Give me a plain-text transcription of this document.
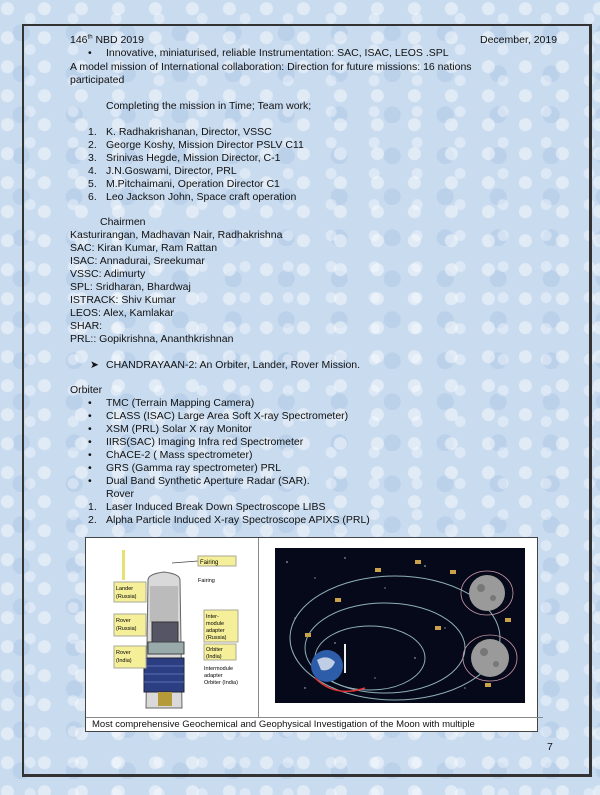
146th NBD 2019	December, 2019
• Innovative, miniaturised, reliable Instrumentation: SAC, ISAC, LEOS .SPL
A model mission of International collaboration: Direction for future missions: 16 nations
participated
Completing the mission in Time; Team work;
1. K. Radhakrishanan, Director, VSSC
2. George Koshy, Mission Director PSLV C11
3. Srinivas Hegde, Mission Director, C-1
4. J.N.Goswami, Director, PRL
5. M.Pitchaimani, Operation Director C1
6. Leo Jackson John, Space craft operation
Chairmen
Kasturirangan, Madhavan Nair, Radhakrishna
SAC: Kiran Kumar, Ram Rattan
ISAC: Annadurai, Sreekumar
VSSC: Adimurty
SPL: Sridharan, Bhardwaj
ISTRACK: Shiv Kumar
LEOS: Alex, Kamlakar
SHAR:
PRL:: Gopikrishna, Ananthkrishnan
➤ CHANDRAYAAN-2: An Orbiter, Lander, Rover Mission.
Orbiter
• TMC (Terrain Mapping Camera)
• CLASS (ISAC) Large Area Soft X-ray Spectrometer)
• XSM (PRL) Solar X ray Monitor
• IIRS(SAC) Imaging Infra red Spectrometer
• ChACE-2 ( Mass spectrometer)
• GRS (Gamma ray spectrometer) PRL
• Dual Band Synthetic Aperture Radar (SAR).
Rover
1. Laser Induced Break Down Spectroscope LIBS
2. Alpha Particle Induced X-ray Spectroscope APIXS (PRL)
Fairing
Lander
(Russia)
Rover
(Russia)
Rover
(India)
Fairing
Inter-
module
adapter
(Russia)
Orbiter
(India)
Intermodule
adapter
Orbiter (India)
Most comprehensive Geochemical and Geophysical Investigation of the Moon with multiple
7
